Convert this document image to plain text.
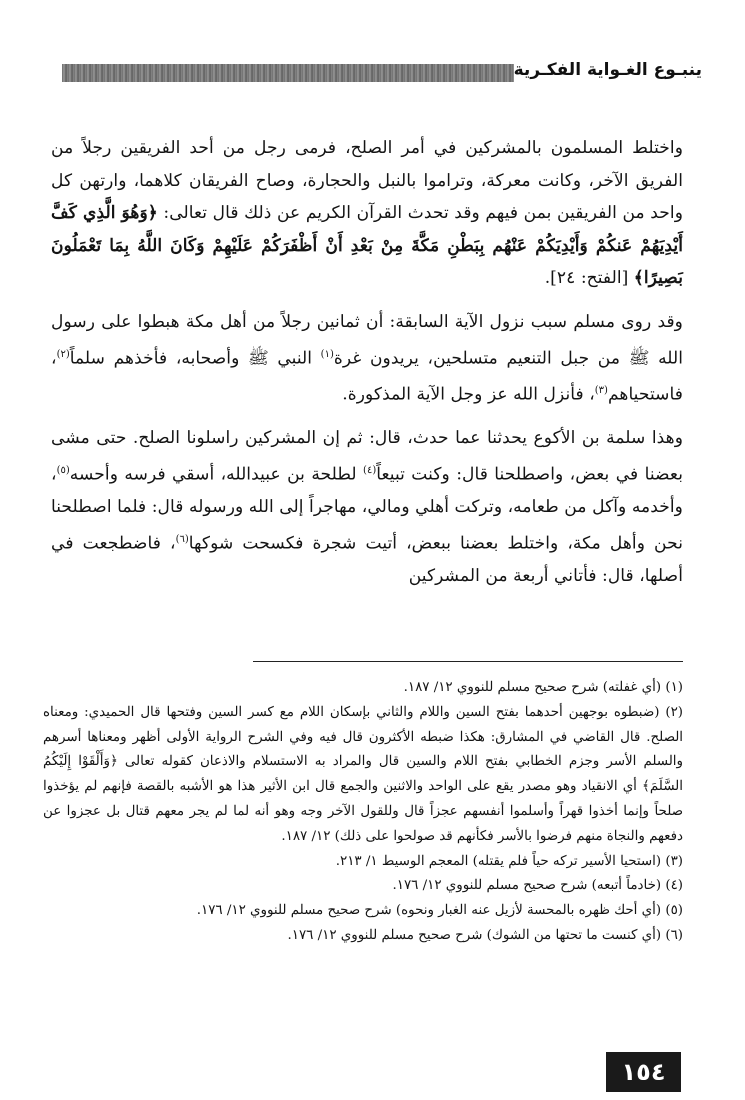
ينبـوع الغـواية الفكـرية

واختلط المسلمون بالمشركين في أمر الصلح، فرمى رجل من أحد الفريقين رجلاً من الفريق الآخر، وكانت معركة، وتراموا بالنبل والحجارة، وصاح الفريقان كلاهما، وارتهن كل واحد من الفريقين بمن فيهم وقد تحدث القرآن الكريم عن ذلك قال تعالى: ﴿وَهُوَ الَّذِي كَفَّ أَيْدِيَهُمْ عَنكُمْ وَأَيْدِيَكُمْ عَنْهُم بِبَطْنِ مَكَّةَ مِنْ بَعْدِ أَنْ أَظْفَرَكُمْ عَلَيْهِمْ وَكَانَ اللَّهُ بِمَا تَعْمَلُونَ بَصِيرًا﴾ [الفتح: ٢٤].

وقد روى مسلم سبب نزول الآية السابقة: أن ثمانين رجلاً من أهل مكة هبطوا على رسول الله ﷺ من جبل التنعيم متسلحين، يريدون غرة$^{(١)}$ النبي ﷺ وأصحابه، فأخذهم سلماً$^{(٢)}$، فاستحياهم$^{(٣)}$، فأنزل الله عز وجل الآية المذكورة.

وهذا سلمة بن الأكوع يحدثنا عما حدث، قال: ثم إن المشركين راسلونا الصلح. حتى مشى بعضنا في بعض، واصطلحنا قال: وكنت تبيعاً$^{(٤)}$ لطلحة بن عبيدالله، أسقي فرسه وأحسه$^{(٥)}$، وأخدمه وآكل من طعامه، وتركت أهلي ومالي، مهاجراً إلى الله ورسوله قال: فلما اصطلحنا نحن وأهل مكة، واختلط بعضنا ببعض، أتيت شجرة فكسحت شوكها$^{(٦)}$، فاضطجعت في أصلها، قال: فأتاني أربعة من المشركين

(١) (أي غفلته) شرح صحيح مسلم للنووي ١٢/ ١٨٧.

(٢) (ضبطوه بوجهين أحدهما بفتح السين واللام والثاني بإسكان اللام مع كسر السين وفتحها قال الحميدي: ومعناه الصلح. قال القاضي في المشارق: هكذا ضبطه الأكثرون قال فيه وفي الشرح الرواية الأولى أظهر ومعناها أسرهم والسلم الأسر وجزم الخطابي بفتح اللام والسين قال والمراد به الاستسلام والاذعان كقوله تعالى ﴿وَأَلْقَوْا إِلَيْكُمُ السَّلَمَ﴾ أي الانقياد وهو مصدر يقع على الواحد والاثنين والجمع قال ابن الأثير هذا هو الأشبه بالقصة فإنهم لم يؤخذوا صلحاً وإنما أخذوا قهراً وأسلموا أنفسهم عجزاً قال وللقول الآخر وجه وهو أنه لما لم يجر معهم قتال بل عجزوا عن دفعهم والنجاة منهم فرضوا بالأسر فكأنهم قد صولحوا على ذلك) ١٢/ ١٨٧.

(٣) (استحيا الأسير تركه حياً فلم يقتله) المعجم الوسيط ١/ ٢١٣.

(٤) (خادماً أتبعه) شرح صحيح مسلم للنووي ١٢/ ١٧٦.

(٥) (أي أحك ظهره بالمحسة لأزيل عنه الغبار ونحوه) شرح صحيح مسلم للنووي ١٢/ ١٧٦.

(٦) (أي كنست ما تحتها من الشوك) شرح صحيح مسلم للنووي ١٢/ ١٧٦.

١٥٤
